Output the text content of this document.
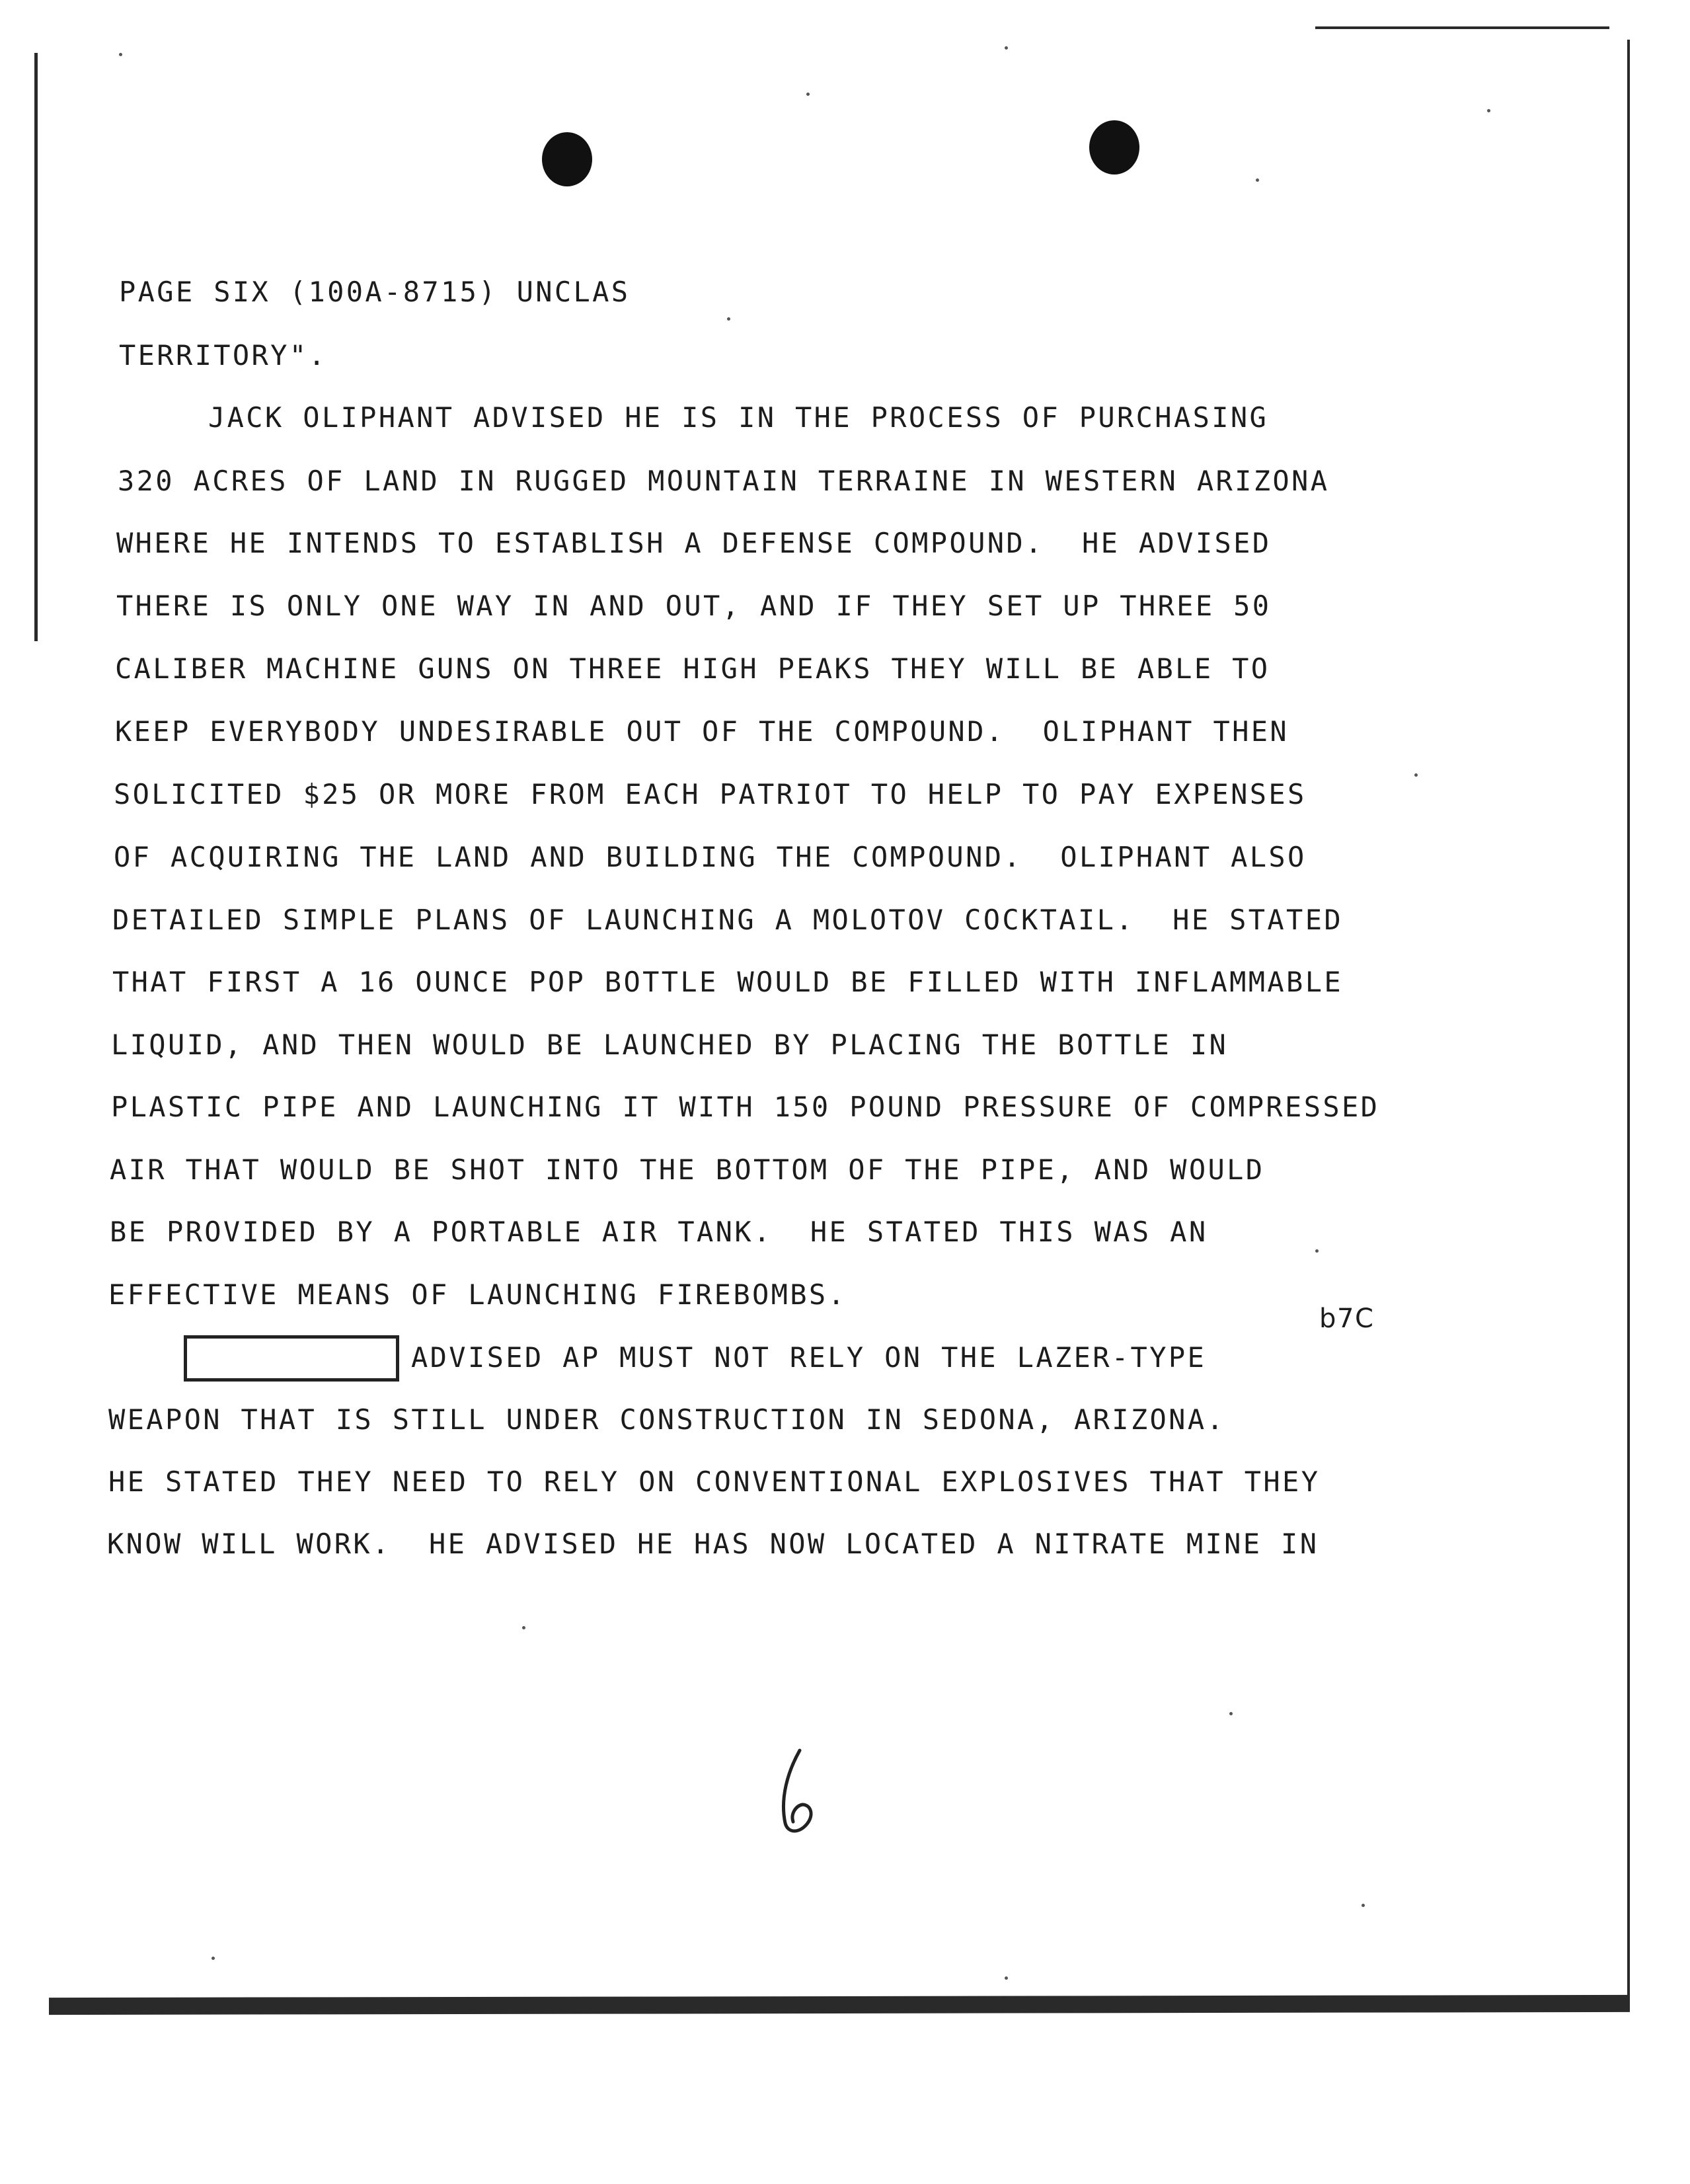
PAGE SIX (100A-8715) UNCLAS
TERRITORY".
JACK OLIPHANT ADVISED HE IS IN THE PROCESS OF PURCHASING
320 ACRES OF LAND IN RUGGED MOUNTAIN TERRAINE IN WESTERN ARIZONA
WHERE HE INTENDS TO ESTABLISH A DEFENSE COMPOUND.  HE ADVISED
THERE IS ONLY ONE WAY IN AND OUT, AND IF THEY SET UP THREE 50
CALIBER MACHINE GUNS ON THREE HIGH PEAKS THEY WILL BE ABLE TO
KEEP EVERYBODY UNDESIRABLE OUT OF THE COMPOUND.  OLIPHANT THEN
SOLICITED $25 OR MORE FROM EACH PATRIOT TO HELP TO PAY EXPENSES
OF ACQUIRING THE LAND AND BUILDING THE COMPOUND.  OLIPHANT ALSO
DETAILED SIMPLE PLANS OF LAUNCHING A MOLOTOV COCKTAIL.  HE STATED
THAT FIRST A 16 OUNCE POP BOTTLE WOULD BE FILLED WITH INFLAMMABLE
LIQUID, AND THEN WOULD BE LAUNCHED BY PLACING THE BOTTLE IN
PLASTIC PIPE AND LAUNCHING IT WITH 150 POUND PRESSURE OF COMPRESSED
AIR THAT WOULD BE SHOT INTO THE BOTTOM OF THE PIPE, AND WOULD
BE PROVIDED BY A PORTABLE AIR TANK.  HE STATED THIS WAS AN
EFFECTIVE MEANS OF LAUNCHING FIREBOMBS.
b7C
ADVISED AP MUST NOT RELY ON THE LAZER-TYPE
WEAPON THAT IS STILL UNDER CONSTRUCTION IN SEDONA, ARIZONA.
HE STATED THEY NEED TO RELY ON CONVENTIONAL EXPLOSIVES THAT THEY
KNOW WILL WORK.  HE ADVISED HE HAS NOW LOCATED A NITRATE MINE IN
